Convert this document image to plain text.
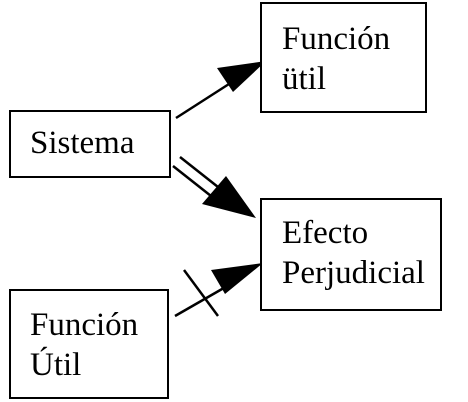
Sistema
Función
ütil
Efecto
Perjudicial
Función
Útil
